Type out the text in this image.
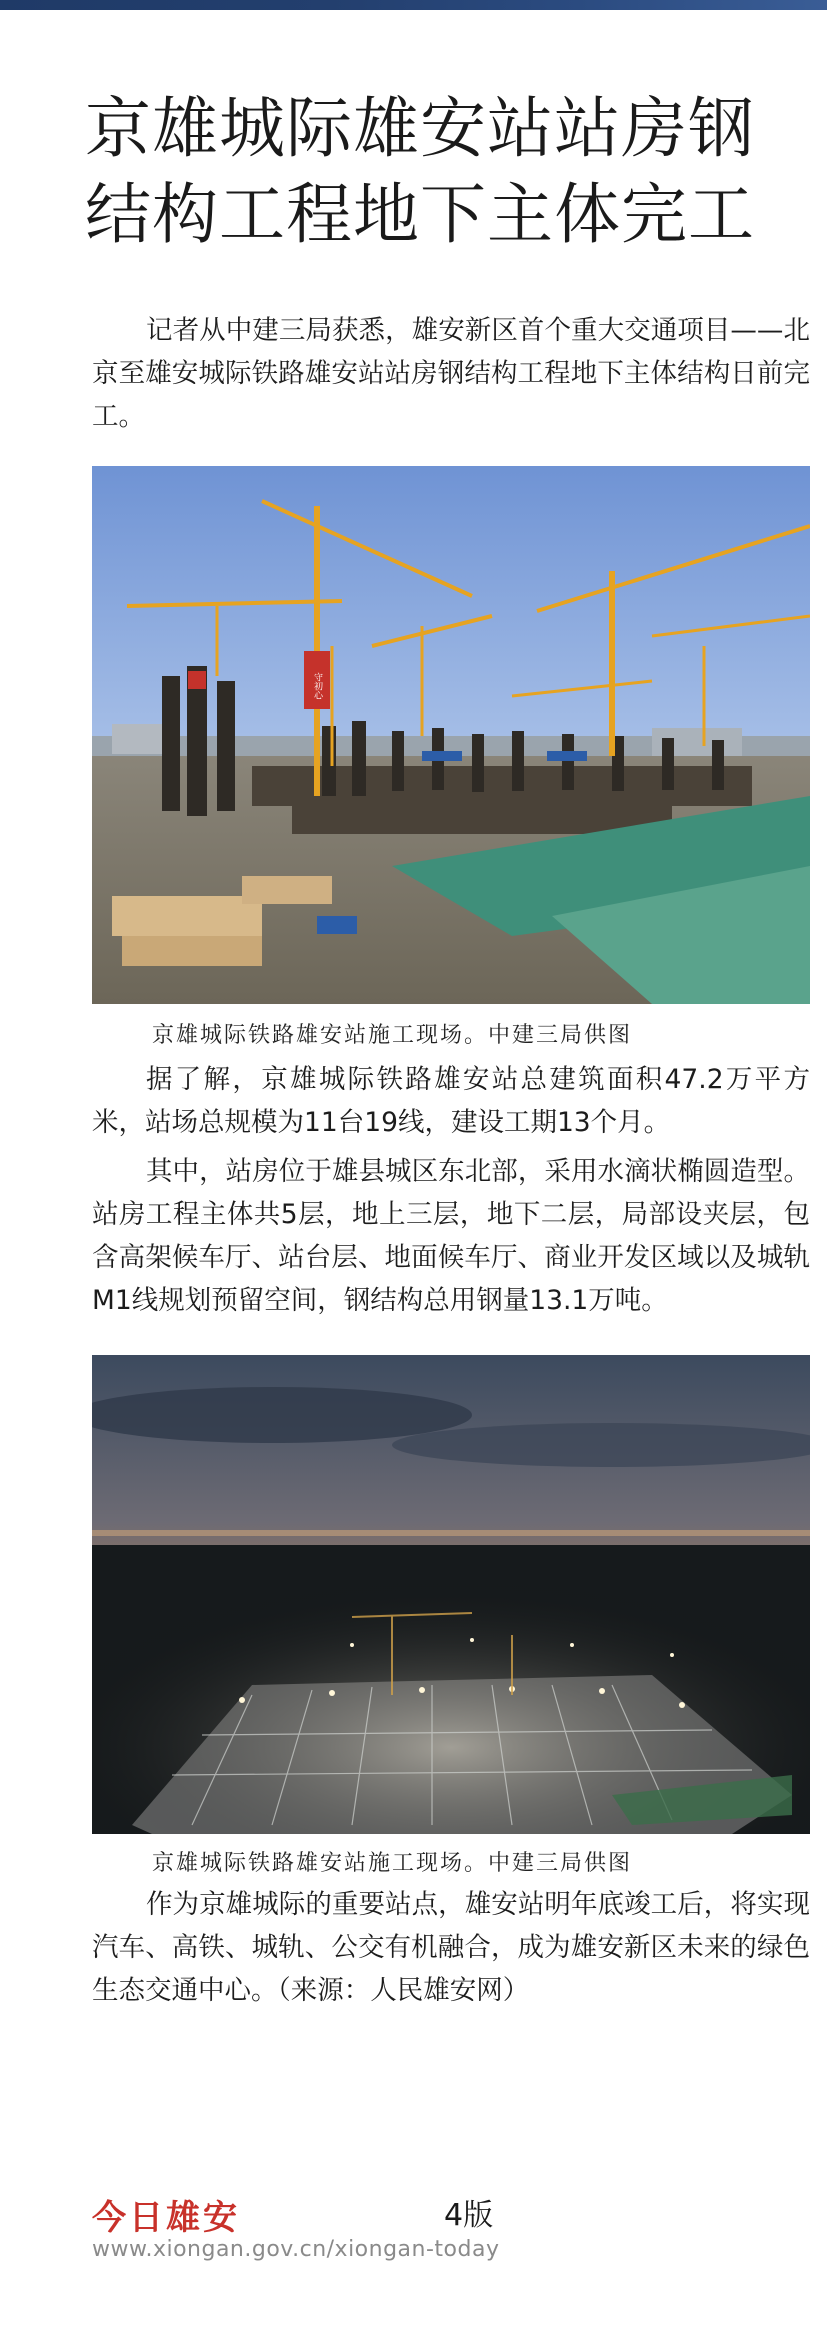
京雄城际雄安站站房钢
结构工程地下主体完工

记者从中建三局获悉，雄安新区首个重大交通项目——北京至雄安城际铁路雄安站站房钢结构工程地下主体结构日前完工。

守初心

京雄城际铁路雄安站施工现场。中建三局供图

据了解，京雄城际铁路雄安站总建筑面积47.2万平方米，站场总规模为11台19线，建设工期13个月。

其中，站房位于雄县城区东北部，采用水滴状椭圆造型。站房工程主体共5层，地上三层，地下二层，局部设夹层，包含高架候车厅、站台层、地面候车厅、商业开发区域以及城轨M1线规划预留空间，钢结构总用钢量13.1万吨。

京雄城际铁路雄安站施工现场。中建三局供图

作为京雄城际的重要站点，雄安站明年底竣工后，将实现汽车、高铁、城轨、公交有机融合，成为雄安新区未来的绿色生态交通中心。（来源：人民雄安网）

今日雄安	4版

www.xiongan.gov.cn/xiongan-today
